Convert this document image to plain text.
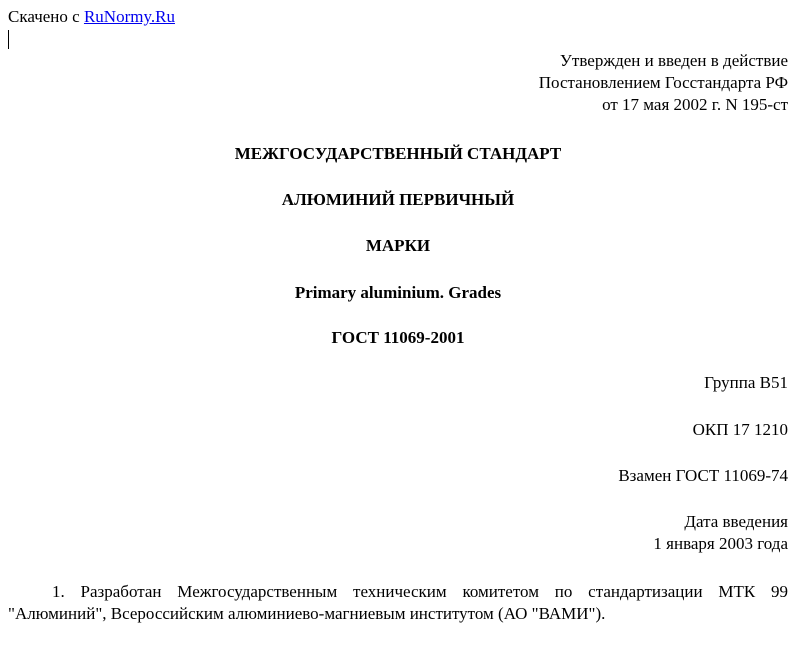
Скачено с RuNormy.Ru
Утвержден и введен в действие
Постановлением Госстандарта РФ
от 17 мая 2002 г. N 195-ст
МЕЖГОСУДАРСТВЕННЫЙ СТАНДАРТ
АЛЮМИНИЙ ПЕРВИЧНЫЙ
МАРКИ
Primary aluminium. Grades
ГОСТ 11069-2001
Группа B51
ОКП 17 1210
Взамен ГОСТ 11069-74
Дата введения
1 января 2003 года
1. Разработан Межгосударственным техническим комитетом по стандартизации МТК 99 "Алюминий", Всероссийским алюминиево-магниевым институтом (АО "ВАМИ").
